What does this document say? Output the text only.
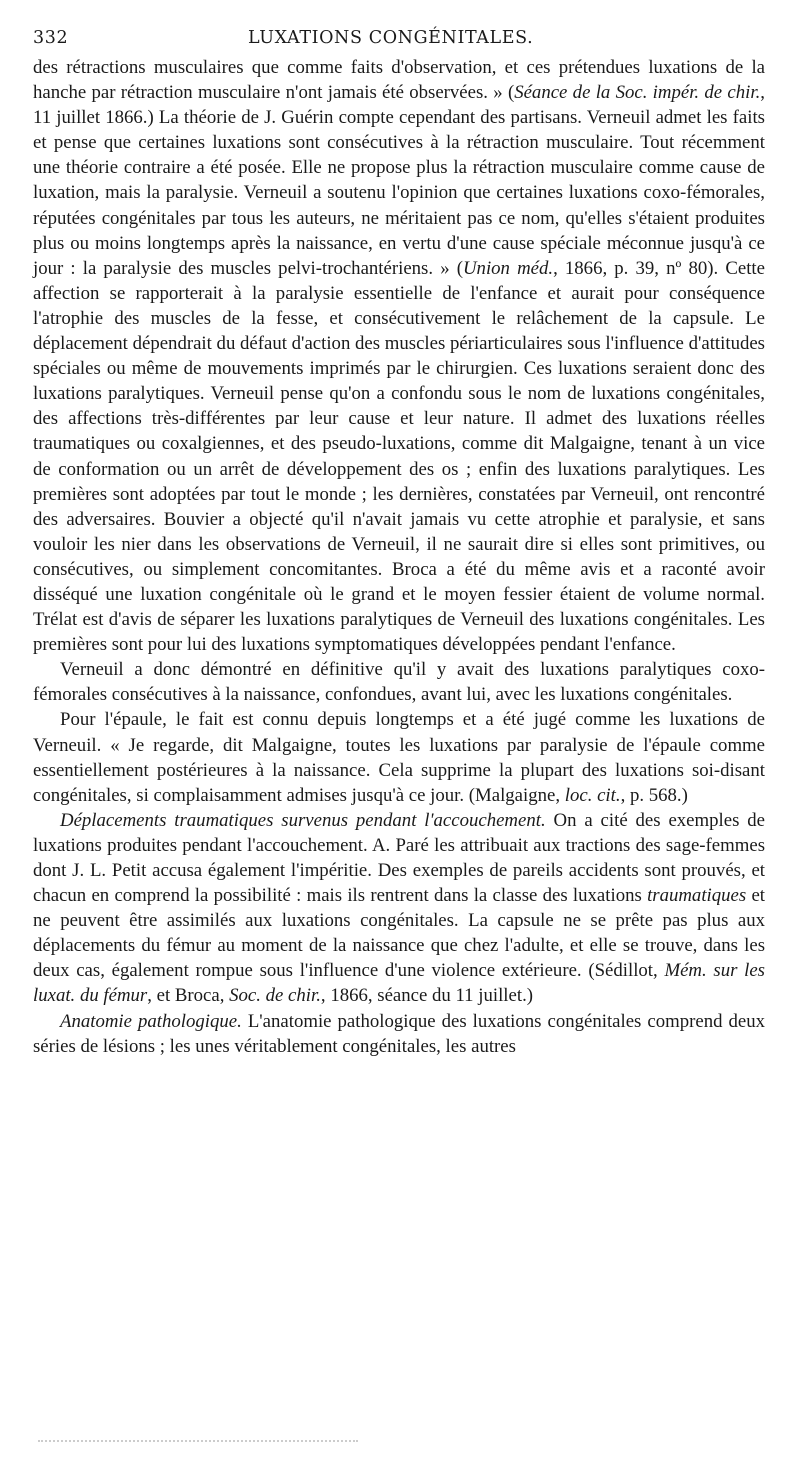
332	LUXATIONS CONGÉNITALES.

des rétractions musculaires que comme faits d'observation, et ces prétendues luxations de la hanche par rétraction musculaire n'ont jamais été observées. » (Séance de la Soc. impér. de chir., 11 juillet 1866.) La théorie de J. Guérin compte cependant des partisans. Verneuil admet les faits et pense que certaines luxations sont consécutives à la rétraction musculaire. Tout récemment une théorie contraire a été posée. Elle ne propose plus la rétraction musculaire comme cause de luxation, mais la paralysie. Verneuil a soutenu l'opinion que certaines luxations coxo-fémorales, réputées congénitales par tous les auteurs, ne méritaient pas ce nom, qu'elles s'étaient produites plus ou moins longtemps après la naissance, en vertu d'une cause spéciale méconnue jusqu'à ce jour : la paralysie des muscles pelvi-trochantériens. » (Union méd., 1866, p. 39, nº 80). Cette affection se rapporterait à la paralysie essentielle de l'enfance et aurait pour conséquence l'atrophie des muscles de la fesse, et consécutivement le relâchement de la capsule. Le déplacement dépendrait du défaut d'action des muscles périarticulaires sous l'influence d'attitudes spéciales ou même de mouvements imprimés par le chirurgien. Ces luxations seraient donc des luxations paralytiques. Verneuil pense qu'on a confondu sous le nom de luxations congénitales, des affections très-différentes par leur cause et leur nature. Il admet des luxations réelles traumatiques ou coxalgiennes, et des pseudo-luxations, comme dit Malgaigne, tenant à un vice de conformation ou un arrêt de développement des os ; enfin des luxations paralytiques. Les premières sont adoptées par tout le monde ; les dernières, constatées par Verneuil, ont rencontré des adversaires. Bouvier a objecté qu'il n'avait jamais vu cette atrophie et paralysie, et sans vouloir les nier dans les observations de Verneuil, il ne saurait dire si elles sont primitives, ou consécutives, ou simplement concomitantes. Broca a été du même avis et a raconté avoir disséqué une luxation congénitale où le grand et le moyen fessier étaient de volume normal. Trélat est d'avis de séparer les luxations paralytiques de Verneuil des luxations congénitales. Les premières sont pour lui des luxations symptomatiques développées pendant l'enfance.

Verneuil a donc démontré en définitive qu'il y avait des luxations paralytiques coxo-fémorales consécutives à la naissance, confondues, avant lui, avec les luxations congénitales.

Pour l'épaule, le fait est connu depuis longtemps et a été jugé comme les luxations de Verneuil. « Je regarde, dit Malgaigne, toutes les luxations par paralysie de l'épaule comme essentiellement postérieures à la naissance. Cela supprime la plupart des luxations soi-disant congénitales, si complaisamment admises jusqu'à ce jour. (Malgaigne, loc. cit., p. 568.)

Déplacements traumatiques survenus pendant l'accouchement. On a cité des exemples de luxations produites pendant l'accouchement. A. Paré les attribuait aux tractions des sage-femmes dont J. L. Petit accusa également l'impéritie. Des exemples de pareils accidents sont prouvés, et chacun en comprend la possibilité : mais ils rentrent dans la classe des luxations traumatiques et ne peuvent être assimilés aux luxations congénitales. La capsule ne se prête pas plus aux déplacements du fémur au moment de la naissance que chez l'adulte, et elle se trouve, dans les deux cas, également rompue sous l'influence d'une violence extérieure. (Sédillot, Mém. sur les luxat. du fémur, et Broca, Soc. de chir., 1866, séance du 11 juillet.)

Anatomie pathologique. L'anatomie pathologique des luxations congénitales comprend deux séries de lésions ; les unes véritablement congénitales, les autres
